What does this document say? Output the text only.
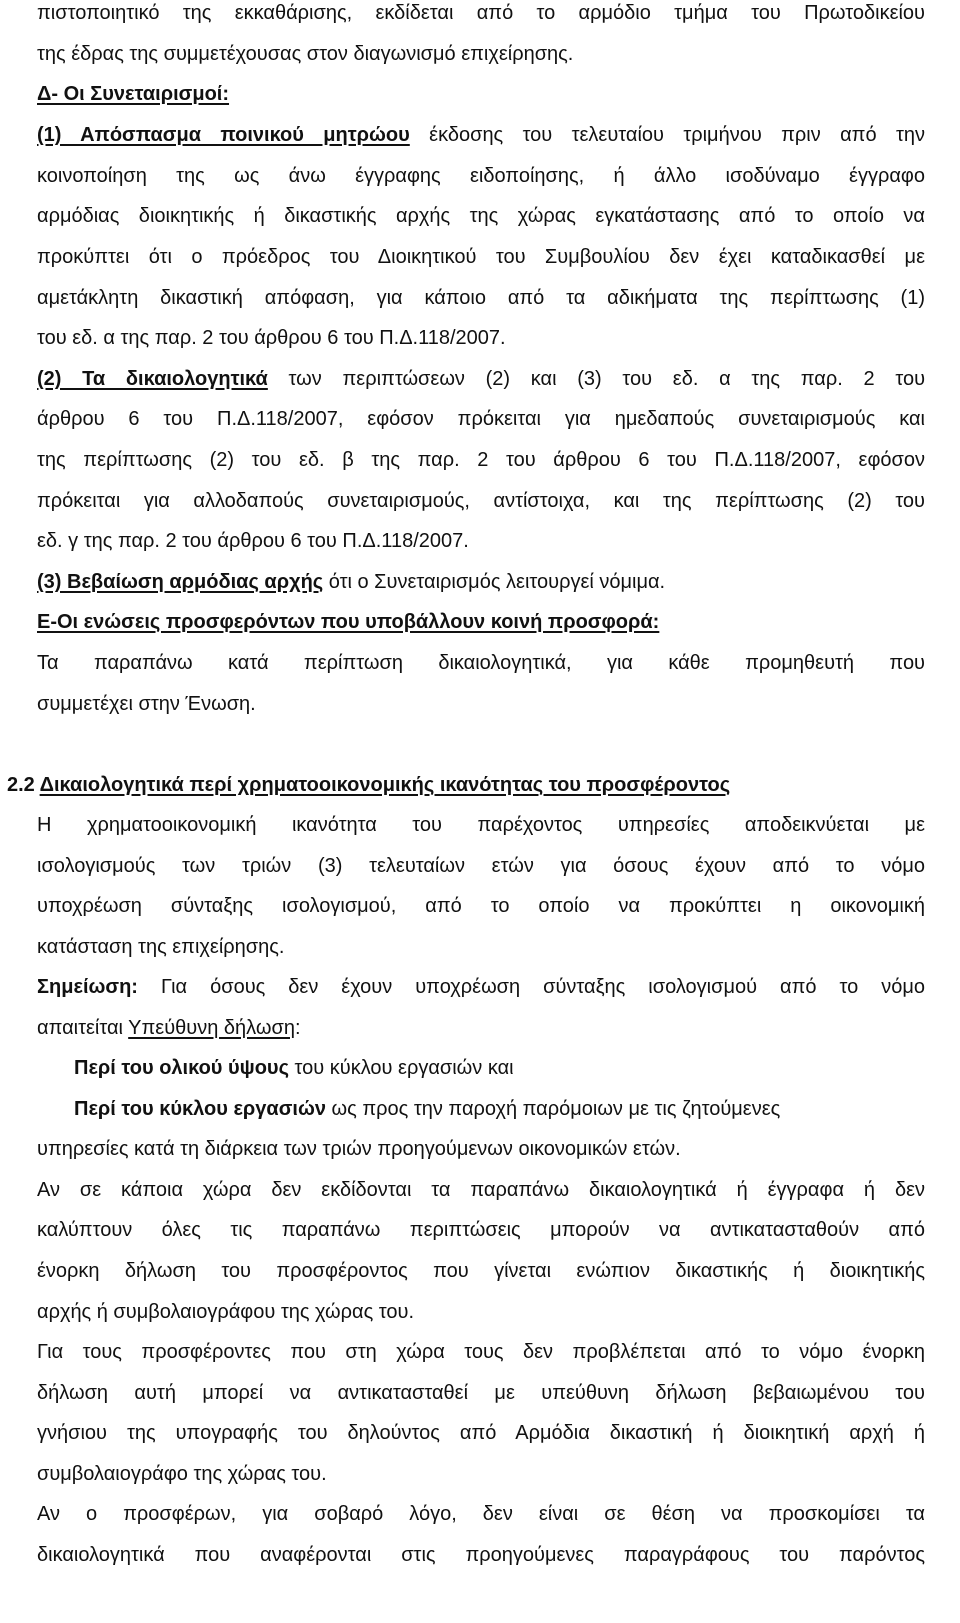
πιστοποιητικό της εκκαθάρισης, εκδίδεται από το αρμόδιο τμήμα του Πρωτοδικείου
της έδρας της συμμετέχουσας στον διαγωνισμό επιχείρησης.
Δ- Οι Συνεταιρισμοί:
(1) Απόσπασμα ποινικού μητρώου έκδοσης του τελευταίου τριμήνου πριν από την
κοινοποίηση της ως άνω έγγραφης ειδοποίησης, ή άλλο ισοδύναμο έγγραφο
αρμόδιας διοικητικής ή δικαστικής αρχής της χώρας εγκατάστασης από το οποίο να
προκύπτει ότι ο πρόεδρος του Διοικητικού του Συμβουλίου δεν έχει καταδικασθεί με
αμετάκλητη δικαστική απόφαση, για κάποιο από τα αδικήματα της περίπτωσης (1)
του εδ. α της παρ. 2 του άρθρου 6 του Π.Δ.118/2007.
(2) Τα δικαιολογητικά των περιπτώσεων (2) και (3) του εδ. α της παρ. 2 του
άρθρου 6 του Π.Δ.118/2007, εφόσον πρόκειται για ημεδαπούς συνεταιρισμούς και
της περίπτωσης (2) του εδ. β της παρ. 2 του άρθρου 6 του Π.Δ.118/2007, εφόσον
πρόκειται για αλλοδαπούς συνεταιρισμούς, αντίστοιχα, και της περίπτωσης (2) του
εδ. γ της παρ. 2 του άρθρου 6 του Π.Δ.118/2007.
(3) Βεβαίωση αρμόδιας αρχής ότι ο Συνεταιρισμός λειτουργεί νόμιμα.
Ε-Οι ενώσεις προσφερόντων που υποβάλλουν κοινή προσφορά:
Τα παραπάνω κατά περίπτωση δικαιολογητικά, για κάθε προμηθευτή που
συμμετέχει στην Ένωση.
2.2 Δικαιολογητικά περί χρηματοοικονομικής ικανότητας του προσφέροντος
Η χρηματοοικονομική ικανότητα του παρέχοντος υπηρεσίες αποδεικνύεται με
ισολογισμούς των τριών (3) τελευταίων ετών για όσους έχουν από το νόμο
υποχρέωση σύνταξης ισολογισμού, από το οποίο να προκύπτει η οικονομική
κατάσταση της επιχείρησης.
Σημείωση: Για όσους δεν έχουν υποχρέωση σύνταξης ισολογισμού από το νόμο
απαιτείται Υπεύθυνη δήλωση:
Περί του ολικού ύψους του κύκλου εργασιών και
Περί του κύκλου εργασιών ως προς την παροχή παρόμοιων με τις ζητούμενες
υπηρεσίες κατά τη διάρκεια των τριών προηγούμενων οικονομικών ετών.
Αν σε κάποια χώρα δεν εκδίδονται τα παραπάνω δικαιολογητικά ή έγγραφα ή δεν
καλύπτουν όλες τις παραπάνω περιπτώσεις μπορούν να αντικατασταθούν από
ένορκη δήλωση του προσφέροντος που γίνεται ενώπιον δικαστικής ή διοικητικής
αρχής ή συμβολαιογράφου της χώρας του.
Για τους προσφέροντες που στη χώρα τους δεν προβλέπεται από το νόμο ένορκη
δήλωση αυτή μπορεί να αντικατασταθεί με υπεύθυνη δήλωση βεβαιωμένου του
γνήσιου της υπογραφής του δηλούντος από Αρμόδια δικαστική ή διοικητική αρχή ή
συμβολαιογράφο της χώρας του.
Αν ο προσφέρων, για σοβαρό λόγο, δεν είναι σε θέση να προσκομίσει τα
δικαιολογητικά που αναφέρονται στις προηγούμενες παραγράφους του παρόντος
